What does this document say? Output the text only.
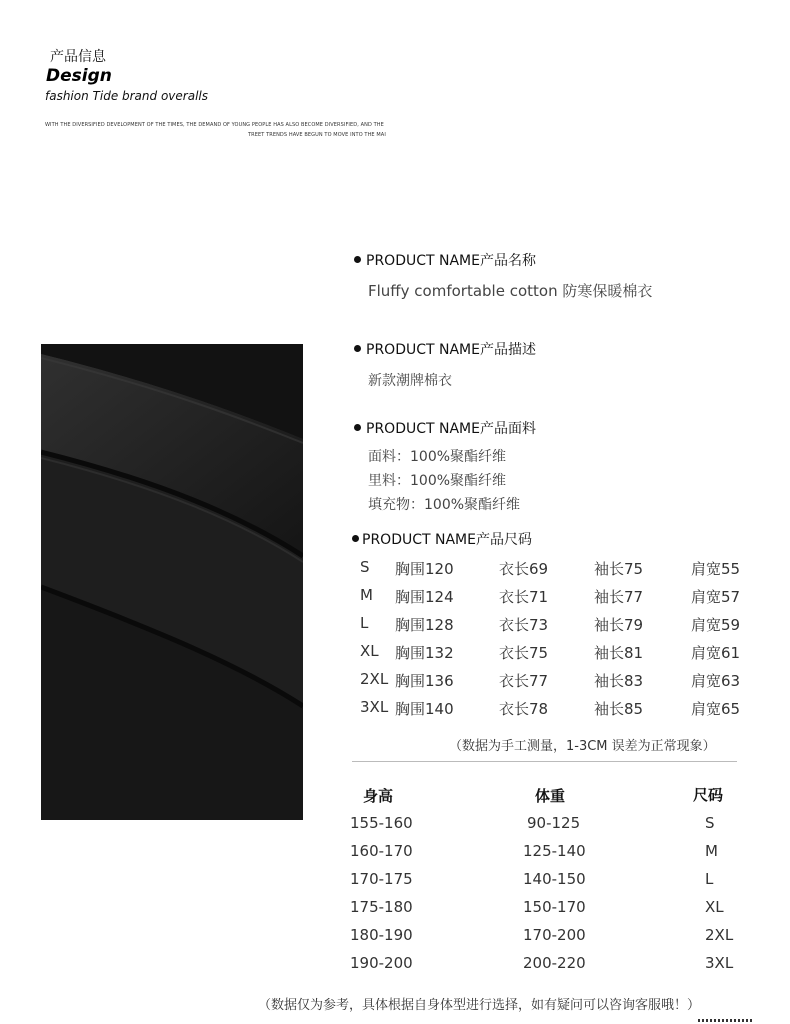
产品信息
Design
fashion Tide brand overalls
WITH THE DIVERSIFIED DEVELOPMENT OF THE TIMES, THE DEMAND OF YOUNG PEOPLE HAS ALSO BECOME DIVERSIFIED, AND THE
TREET TRENDS HAVE BEGUN TO MOVE INTO THE MAI
PRODUCT NAME产品名称
Fluffy comfortable cotton 防寒保暖棉衣
PRODUCT NAME产品描述
新款潮牌棉衣
PRODUCT NAME产品面料
面料：100%聚酯纤维
里料：100%聚酯纤维
填充物：100%聚酯纤维
PRODUCT NAME产品尺码
S 胸围120	衣长69	袖长75	肩宽55
M 胸围124	衣长71	袖长77	肩宽57
L 胸围128	衣长73	袖长79	肩宽59
XL 胸围132	衣长75	袖长81	肩宽61
2XL 胸围136	衣长77	袖长83	肩宽63
3XL 胸围140	衣长78	袖长85	肩宽65
（数据为手工测量，1-3CM 误差为正常现象）
身高	体重	尺码
155-160	90-125	S
160-170	125-140	M
170-175	140-150	L
175-180	150-170	XL
180-190	170-200	2XL
190-200	200-220	3XL
（数据仅为参考，具体根据自身体型进行选择，如有疑问可以咨询客服哦！）
